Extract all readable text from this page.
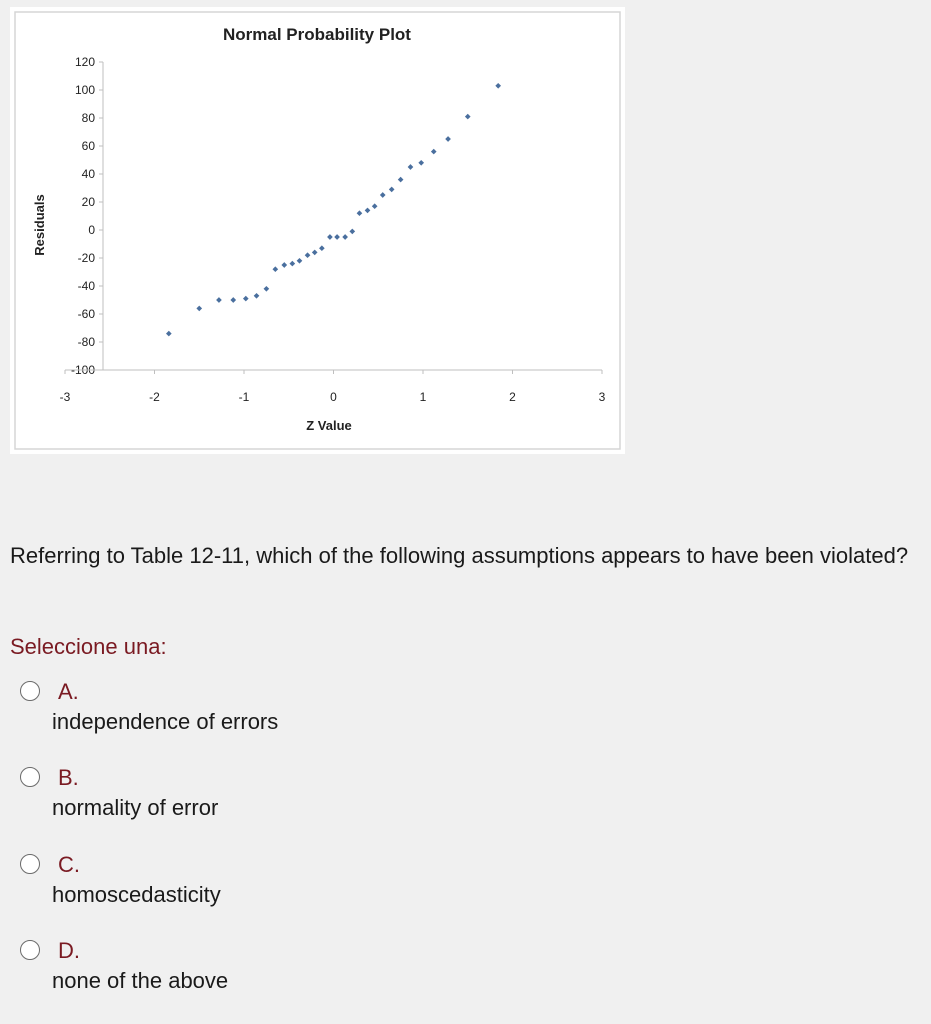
Normal Probability Plot
120
100
80
60
40
20
0
-20
-40
-60
-80
-100
-3	-2	-1	0	1	2	3
Z Value
Residuals
Referring to Table 12-11, which of the following assumptions appears to have been violated?
Seleccione una:
A.
independence of errors
B.
normality of error
C.
homoscedasticity
D.
none of the above
